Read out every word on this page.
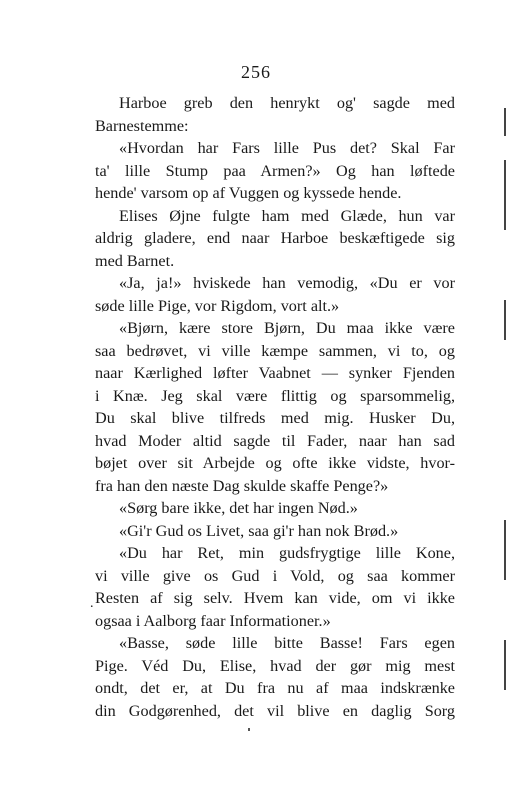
256
Harboe greb den henrykt og' sagde med
Barnestemme:
«Hvordan har Fars lille Pus det? Skal Far
ta' lille Stump paa Armen?» Og han løftede
hende' varsom op af Vuggen og kyssede hende.
Elises Øjne fulgte ham med Glæde, hun var
aldrig gladere, end naar Harboe beskæftigede sig
med Barnet.
«Ja, ja!» hviskede han vemodig, «Du er vor
søde lille Pige, vor Rigdom, vort alt.»
«Bjørn, kære store Bjørn, Du maa ikke være
saa bedrøvet, vi ville kæmpe sammen, vi to, og
naar Kærlighed løfter Vaabnet — synker Fjenden
i Knæ. Jeg skal være flittig og sparsommelig,
Du skal blive tilfreds med mig. Husker Du,
hvad Moder altid sagde til Fader, naar han sad
bøjet over sit Arbejde og ofte ikke vidste, hvor-
fra han den næste Dag skulde skaffe Penge?»
«Sørg bare ikke, det har ingen Nød.»
«Gi'r Gud os Livet, saa gi'r han nok Brød.»
«Du har Ret, min gudsfrygtige lille Kone,
vi ville give os Gud i Vold, og saa kommer
Resten af sig selv. Hvem kan vide, om vi ikke
ogsaa i Aalborg faar Informationer.»
«Basse, søde lille bitte Basse! Fars egen
Pige. Véd Du, Elise, hvad der gør mig mest
ondt, det er, at Du fra nu af maa indskrænke
din Godgørenhed, det vil blive en daglig Sorg
.
